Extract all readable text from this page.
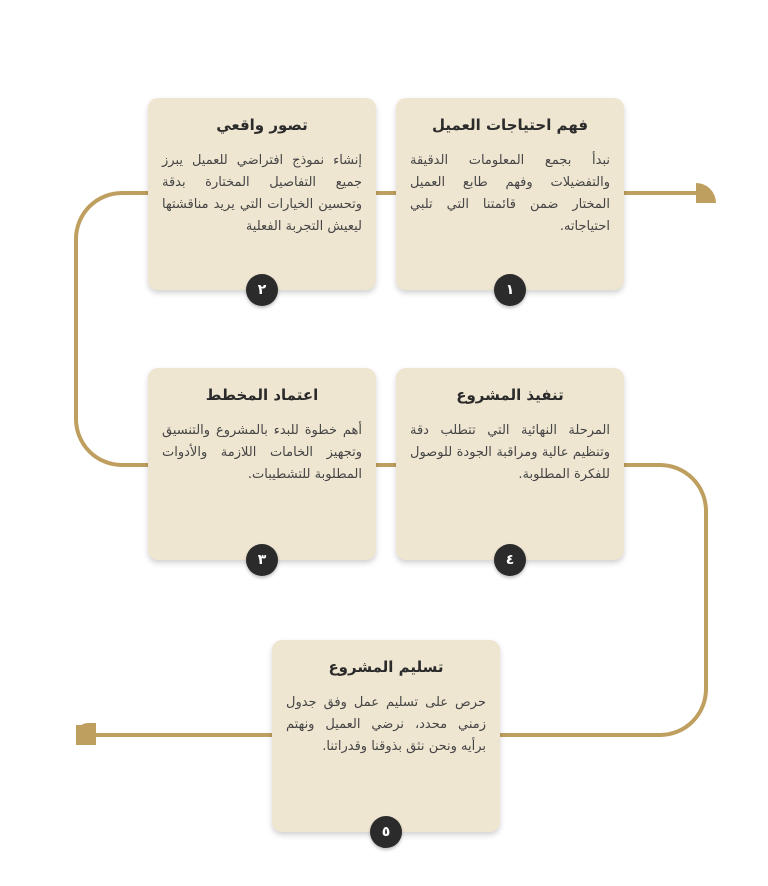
فهم احتياجات العميل

نبدأ بجمع المعلومات الدقيقة والتفضيلات وفهم طابع العميل المختار ضمن قائمتنا التي تلبي احتياجاته.

١
تصور واقعي

إنشاء نموذج افتراضي للعميل يبرز جميع التفاصيل المختارة بدقة وتحسين الخيارات التي يريد مناقشتها ليعيش التجربة الفعلية

٢
اعتماد المخطط

أهم خطوة للبدء بالمشروع والتنسيق وتجهيز الخامات اللازمة والأدوات المطلوبة للتشطيبات.

٣
تنفيذ المشروع

المرحلة النهائية التي تتطلب دقة وتنظيم عالية ومراقبة الجودة للوصول للفكرة المطلوبة.

٤
تسليم المشروع

حرص على تسليم عمل وفق جدول زمني محدد، نرضي العميل ونهتم برأيه ونحن نثق بذوقنا وقدراتنا.

٥
